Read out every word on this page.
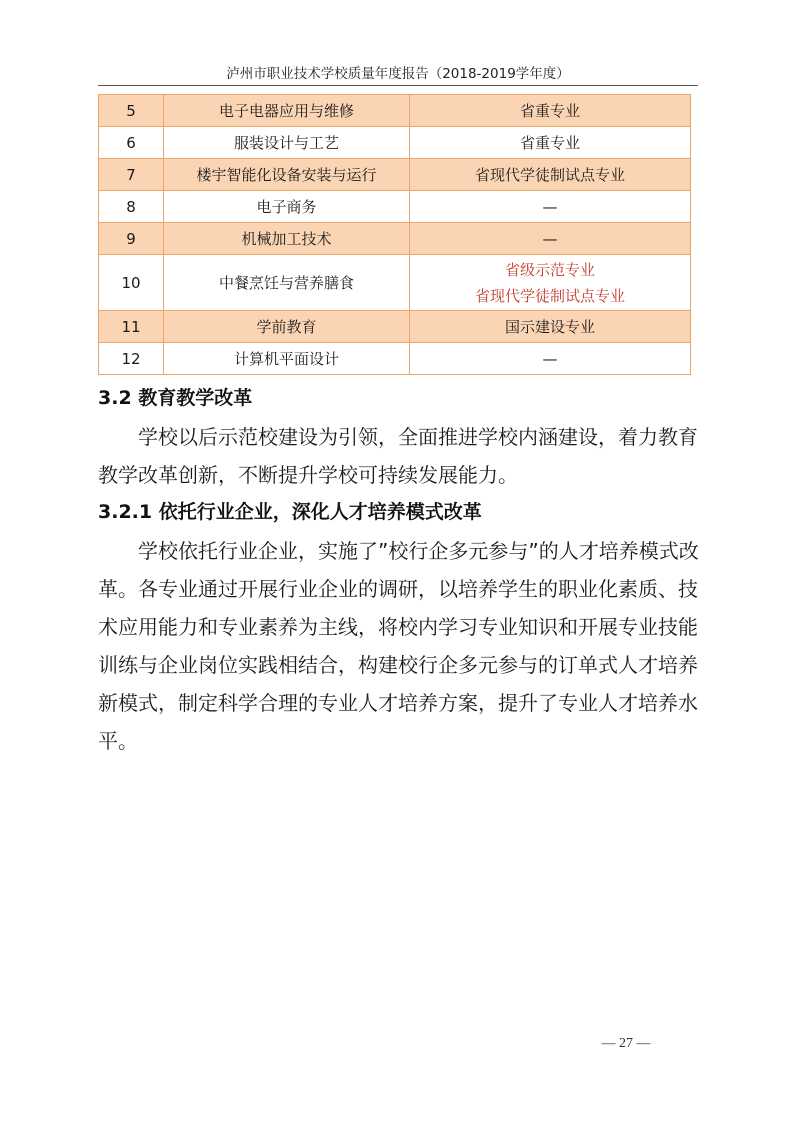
泸州市职业技术学校质量年度报告（2018-2019学年度）
5	电子电器应用与维修	省重专业

6	服装设计与工艺	省重专业

7	楼宇智能化设备安装与运行	省现代学徒制试点专业

8	电子商务	—

9	机械加工技术	—

10	中餐烹饪与营养膳食	省级示范专业
省现代学徒制试点专业

11	学前教育	国示建设专业

12	计算机平面设计	—
3.2 教育教学改革

学校以后示范校建设为引领，全面推进学校内涵建设，着力教育教学改革创新，不断提升学校可持续发展能力。

3.2.1 依托行业企业，深化人才培养模式改革

学校依托行业企业，实施了”校行企多元参与”的人才培养模式改革。各专业通过开展行业企业的调研，以培养学生的职业化素质、技术应用能力和专业素养为主线，将校内学习专业知识和开展专业技能训练与企业岗位实践相结合，构建校行企多元参与的订单式人才培养新模式，制定科学合理的专业人才培养方案，提升了专业人才培养水平。

— 27 —
